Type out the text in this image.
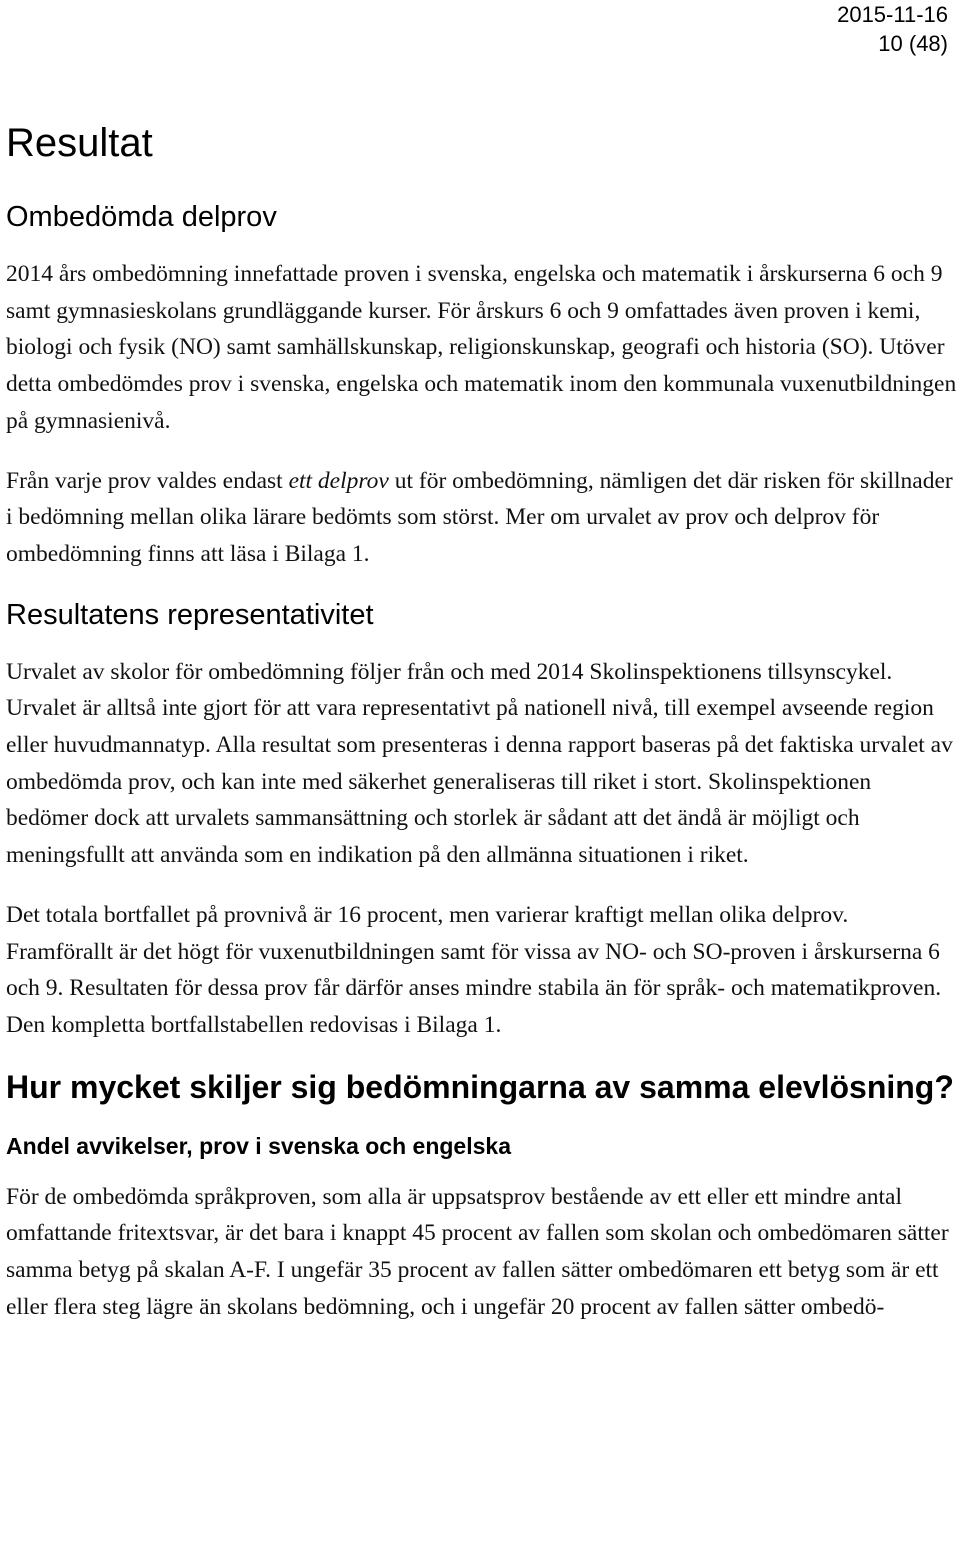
2015-11-16
10 (48)
Resultat
Ombedömda delprov

2014 års ombedömning innefattade proven i svenska, engelska och matematik i årskurserna 6 och 9 samt gymnasieskolans grundläggande kurser. För årskurs 6 och 9 omfattades även proven i kemi, biologi och fysik (NO) samt samhällskunskap, religionskunskap, geografi och historia (SO). Utöver detta ombedömdes prov i svenska, engelska och matematik inom den kommunala vuxenutbildningen på gymnasienivå.

Från varje prov valdes endast ett delprov ut för ombedömning, nämligen det där risken för skillnader i bedömning mellan olika lärare bedömts som störst. Mer om urvalet av prov och delprov för ombedömning finns att läsa i Bilaga 1.

Resultatens representativitet

Urvalet av skolor för ombedömning följer från och med 2014 Skolinspektionens tillsynscykel. Urvalet är alltså inte gjort för att vara representativt på nationell nivå, till exempel avseende region eller huvudmannatyp. Alla resultat som presenteras i denna rapport baseras på det faktiska urvalet av ombedömda prov, och kan inte med säkerhet generaliseras till riket i stort. Skolinspektionen bedömer dock att urvalets sammansättning och storlek är sådant att det ändå är möjligt och meningsfullt att använda som en indikation på den allmänna situationen i riket.

Det totala bortfallet på provnivå är 16 procent, men varierar kraftigt mellan olika delprov. Framförallt är det högt för vuxenutbildningen samt för vissa av NO- och SO-proven i årskurserna 6 och 9. Resultaten för dessa prov får därför anses mindre stabila än för språk- och matematikproven. Den kompletta bortfallstabellen redovisas i Bilaga 1.

Hur mycket skiljer sig bedömningarna av samma elevlösning?
Andel avvikelser, prov i svenska och engelska

För de ombedömda språkproven, som alla är uppsatsprov bestående av ett eller ett mindre antal omfattande fritextsvar, är det bara i knappt 45 procent av fallen som skolan och ombedömaren sätter samma betyg på skalan A-F. I ungefär 35 procent av fallen sätter ombedömaren ett betyg som är ett eller flera steg lägre än skolans bedömning, och i ungefär 20 procent av fallen sätter ombedö-
